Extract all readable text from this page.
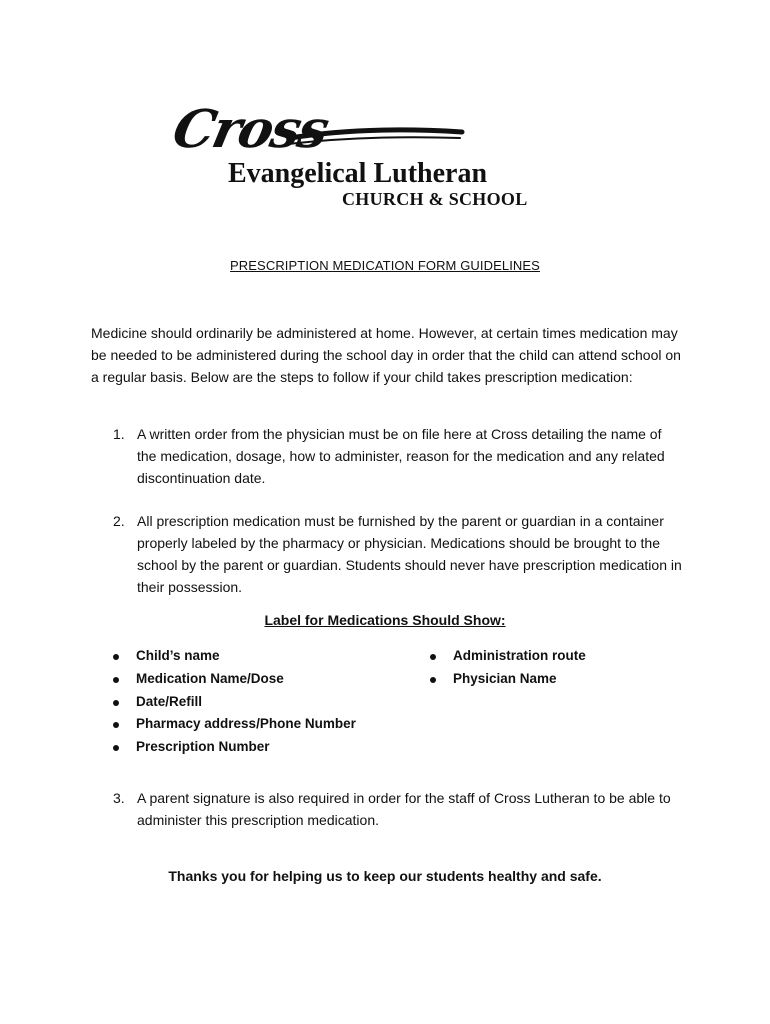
Cross
Evangelical Lutheran
CHURCH & SCHOOL
PRESCRIPTION MEDICATION FORM GUIDELINES
Medicine should ordinarily be administered at home. However, at certain times medication may be needed to be administered during the school day in order that the child can attend school on a regular basis. Below are the steps to follow if your child takes prescription medication:
1. A written order from the physician must be on file here at Cross detailing the name of the medication, dosage, how to administer, reason for the medication and any related discontinuation date.
2. All prescription medication must be furnished by the parent or guardian in a container properly labeled by the pharmacy or physician. Medications should be brought to the school by the parent or guardian. Students should never have prescription medication in their possession.
Label for Medications Should Show:
Child’s name
Medication Name/Dose
Date/Refill
Pharmacy address/Phone Number
Prescription Number
Administration route
Physician Name
3. A parent signature is also required in order for the staff of Cross Lutheran to be able to administer this prescription medication.
Thanks you for helping us to keep our students healthy and safe.
